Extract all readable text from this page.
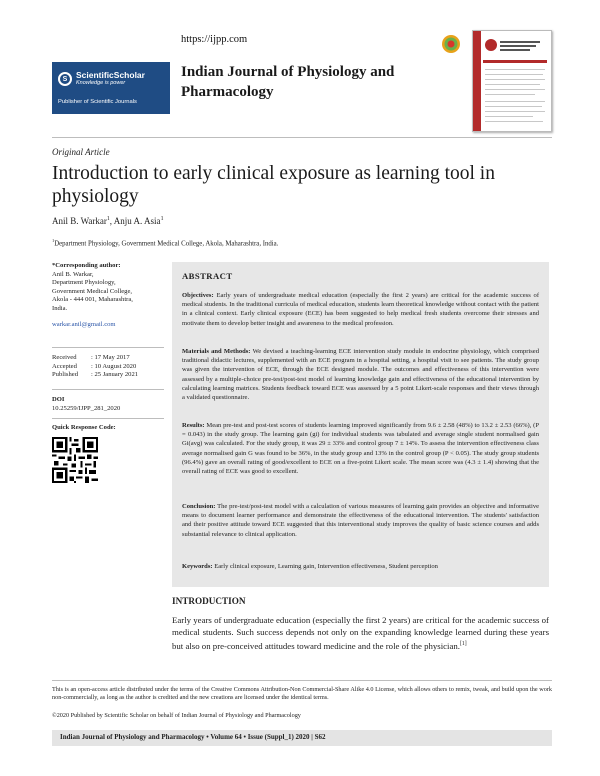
S	ScientificScholar
Knowledge is power
Publisher of Scientific Journals
https://ijpp.com
Indian Journal of Physiology and Pharmacology
Original Article
Introduction to early clinical exposure as learning tool in physiology
Anil B. Warkar$^1$, Anju A. Asia$^1$
$^1$Department Physiology, Government Medical College, Akola, Maharashtra, India.
*Corresponding author:
Anil B. Warkar,
Department Physiology,
Government Medical College,
Akola - 444 001, Maharashtra,
India.
warkar.anil@gmail.com
Received	: 17 May 2017
Accepted	: 10 August 2020
Published	: 25 January 2021
DOI
10.25259/IJPP_281_2020
Quick Response Code:
ABSTRACT
Objectives: Early years of undergraduate medical education (especially the first 2 years) are critical for the academic success of medical students. In the traditional curricula of medical education, students learn theoretical knowledge without contact with the patient in a clinical context. Early clinical exposure (ECE) has been suggested to help medical fresh students overcome their stresses and motivate them to develop better insight and awareness to the medical profession.
Materials and Methods: We devised a teaching-learning ECE intervention study module in endocrine physiology, which comprised traditional didactic lectures, supplemented with an ECE program in a hospital setting, a hospital visit to see patients. The study group was given the intervention of ECE, through the ECE designed module. The outcomes and effectiveness of this intervention were assessed by a multiple-choice pre-test/post-test model of learning knowledge gain and effectiveness of the educational intervention by calculating learning matrices. Students feedback toward ECE was assessed by a 5 point Likert-scale responses and their views through a validated questionnaire.
Results: Mean pre-test and post-test scores of students learning improved significantly from 9.6 ± 2.58 (48%) to 13.2 ± 2.53 (66%), (P = 0.043) in the study group. The learning gain (gi) for individual students was tabulated and average single student normalised gain Gi(avg) was calculated. For the study group, it was 29 ± 33% and control group 7 ± 14%. To assess the intervention effectiveness class average normalised gain G was found to be 36%, in the study group and 13% in the control group (P < 0.05). The study group students (96.4%) gave an overall rating of good/excellent to ECE on a five-point Likert scale. The mean score was (4.3 ± 1.4) showing that the overall rating of ECE was good to excellent.
Conclusion: The pre-test/post-test model with a calculation of various measures of learning gain provides an objective and informative means to document learner performance and demonstrate the effectiveness of the educational intervention. The students' satisfaction and their positive attitude toward ECE suggested that this interventional study improves the quality of basic science courses and adds substantial relevance to clinical application.
Keywords: Early clinical exposure, Learning gain, Intervention effectiveness, Student perception
INTRODUCTION
Early years of undergraduate education (especially the first 2 years) are critical for the academic success of medical students. Such success depends not only on the expanding knowledge learned during these years but also on pre-conceived attitudes toward medicine and the role of the physician.[1]
This is an open-access article distributed under the terms of the Creative Commons Attribution-Non Commercial-Share Alike 4.0 License, which allows others to remix, tweak, and build upon the work non-commercially, as long as the author is credited and the new creations are licensed under the identical terms.
©2020 Published by Scientific Scholar on behalf of Indian Journal of Physiology and Pharmacology
Indian Journal of Physiology and Pharmacology • Volume 64 • Issue (Suppl_1) 2020 | S62
